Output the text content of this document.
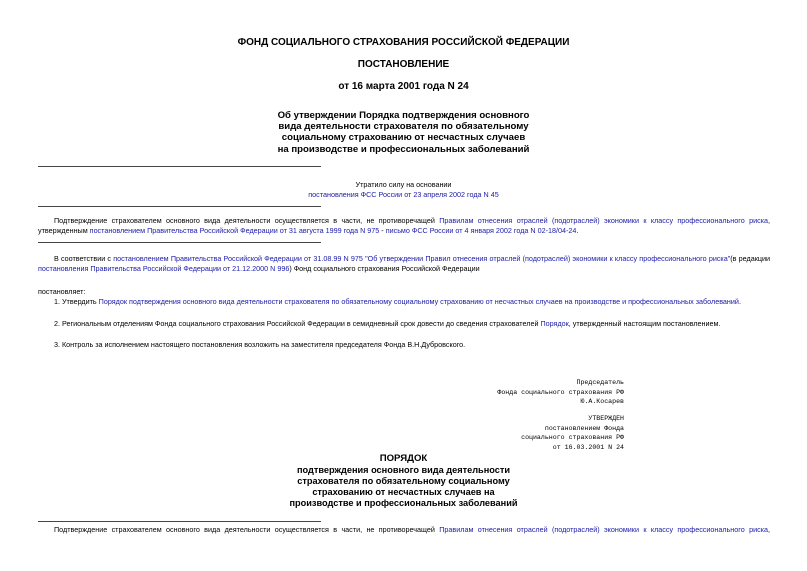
ФОНД СОЦИАЛЬНОГО СТРАХОВАНИЯ РОССИЙСКОЙ ФЕДЕРАЦИИ
ПОСТАНОВЛЕНИЕ
от 16 марта 2001 года N 24
Об утверждении Порядка подтверждения основного
вида деятельности страхователя по обязательному
социальному страхованию от несчастных случаев
на производстве и профессиональных заболеваний
Утратило силу на основании
постановления ФСС России от 23 апреля 2002 года N 45
Подтверждение страхователем основного вида деятельности осуществляется в части, не противоречащей Правилам отнесения отраслей (подотраслей) экономики к классу профессионального риска, утвержденным постановлением Правительства Российской Федерации от 31 августа 1999 года N 975 - письмо ФСС России от 4 января 2002 года N 02-18/04-24.
В соответствии с постановлением Правительства Российской Федерации от 31.08.99 N 975 "Об утверждении Правил отнесения отраслей (подотраслей) экономики к классу профессионального риска"(в редакции постановления Правительства Российской Федерации от 21.12.2000 N 996) Фонд социального страхования Российской Федерации
постановляет:
1. Утвердить Порядок подтверждения основного вида деятельности страхователя по обязательному социальному страхованию от несчастных случаев на производстве и профессиональных заболеваний.
2. Региональным отделениям Фонда социального страхования Российской Федерации в семидневный срок довести до сведения страхователей Порядок, утвержденный настоящим постановлением.
3. Контроль за исполнением настоящего постановления возложить на заместителя председателя Фонда В.Н.Дубровского.
Председатель
Фонда социального страхования РФ
Ю.А.Косарев
УТВЕРЖДЕН
постановлением Фонда
социального страхования РФ
от 16.03.2001 N 24
ПОРЯДОК
подтверждения основного вида деятельности
страхователя по обязательному социальному
страхованию от несчастных случаев на
производстве и профессиональных заболеваний
Подтверждение страхователем основного вида деятельности осуществляется в части, не противоречащей Правилам отнесения отраслей (подотраслей) экономики к классу профессионального риска,
